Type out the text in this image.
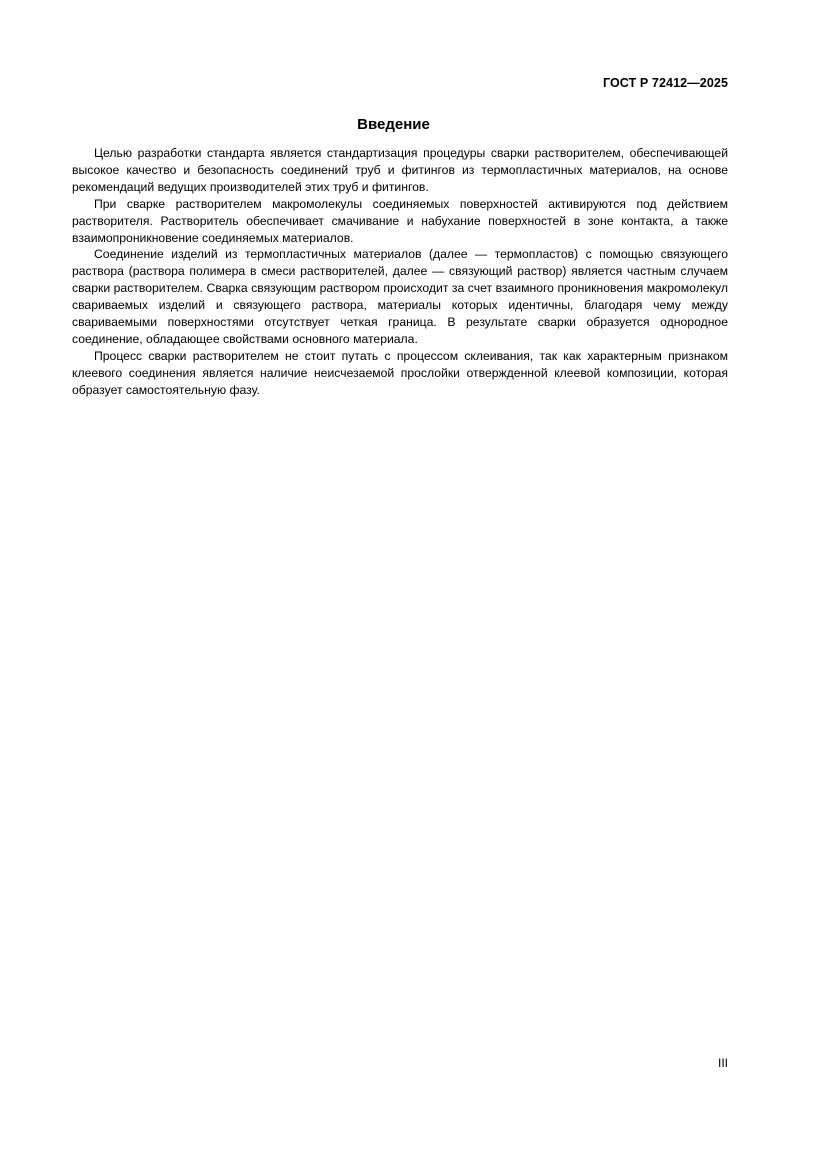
ГОСТ Р 72412—2025
Введение

Целью разработки стандарта является стандартизация процедуры сварки растворителем, обеспечивающей высокое качество и безопасность соединений труб и фитингов из термопластичных материалов, на основе рекомендаций ведущих производителей этих труб и фитингов.

При сварке растворителем макромолекулы соединяемых поверхностей активируются под действием растворителя. Растворитель обеспечивает смачивание и набухание поверхностей в зоне контакта, а также взаимопроникновение соединяемых материалов.

Соединение изделий из термопластичных материалов (далее — термопластов) с помощью связующего раствора (раствора полимера в смеси растворителей, далее — связующий раствор) является частным случаем сварки растворителем. Сварка связующим раствором происходит за счет взаимного проникновения макромолекул свариваемых изделий и связующего раствора, материалы которых идентичны, благодаря чему между свариваемыми поверхностями отсутствует четкая граница. В результате сварки образуется однородное соединение, обладающее свойствами основного материала.

Процесс сварки растворителем не стоит путать с процессом склеивания, так как характерным признаком клеевого соединения является наличие неисчезаемой прослойки отвержденной клеевой композиции, которая образует самостоятельную фазу.

III
